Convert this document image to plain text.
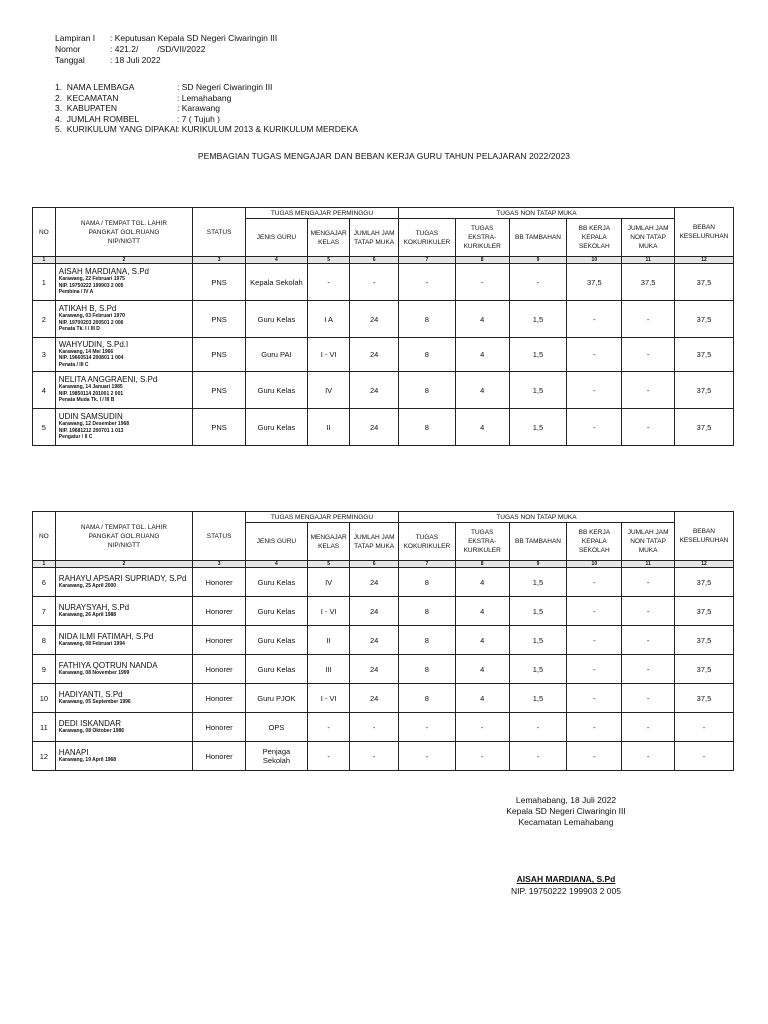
Lampiran I	: Keputusan Kepala SD Negeri Ciwaringin III
Nomor	: 421.2/        /SD/VII/2022
Tanggal	: 18 Juli 2022
1.  NAMA LEMBAGA	: SD Negeri Ciwaringin III
2.  KECAMATAN	: Lemahabang
3.  KABUPATEN	: Karawang
4.  JUMLAH ROMBEL	: 7 ( Tujuh )
5.  KURIKULUM YANG DIPAKAI : KURIKULUM 2013 & KURIKULUM MERDEKA
PEMBAGIAN TUGAS MENGAJAR DAN BEBAN KERJA GURU TAHUN PELAJARAN 2022/2023
NO	NAMA / TEMPAT TGL. LAHIR PANGKAT GOL.RUANG NIP/NIGTT	STATUS	TUGAS MENGAJAR PERMINGGU			TUGAS NON TATAP MUKA					BEBAN KESELURUHAN
			JENIS GURU	MENGAJAR KELAS	JUMLAH JAM TATAP MUKA	TUGAS KOKURIKULER	TUGAS EKSTRA-KURIKULER	BB TAMBAHAN	BB KERJA KEPALA SEKOLAH	JUMLAH JAM NON TATAP MUKA	
1	2	3	4	5	6	7	8	9	10	11	12
1	AISAH MARDIANA, S.Pd
Karawang, 22 Februari 1975
NIP. 19750222 199903 2 005
Pembina / IV A	PNS	Kepala Sekolah	-	-	-	-	-	37,5	37,5	37,5
2	ATIKAH B, S.Pd
Karawang, 03 Februari 1970
NIP. 19700203 200501 2 006
Penata Tk. I / III D	PNS	Guru Kelas	I A	24	8	4	1,5	-	-	37,5
3	WAHYUDIN, S.Pd.I
Karawang, 14 Mei 1966
NIP. 19660514 200801 1 004
Penata / III C	PNS	Guru PAI	I - VI	24	8	4	1,5	-	-	37,5
4	NELITA ANGGRAENI, S.Pd
Karawang, 14 Januari 1985
NIP. 19850114 201001 2 001
Penata Muda Tk. I / III B	PNS	Guru Kelas	IV	24	8	4	1,5	-	-	37,5
5	UDIN SAMSUDIN
Karawang, 12 Desember 1968
NIP. 19681212 200701 1 013
Pengatur / II C	PNS	Guru Kelas	II	24	8	4	1,5	-	-	37,5
NO	NAMA / TEMPAT TGL. LAHIR PANGKAT GOL.RUANG NIP/NIGTT	STATUS	TUGAS MENGAJAR PERMINGGU			TUGAS NON TATAP MUKA					BEBAN KESELURUHAN
			JENIS GURU	MENGAJAR KELAS	JUMLAH JAM TATAP MUKA	TUGAS KOKURIKULER	TUGAS EKSTRA-KURIKULER	BB TAMBAHAN	BB KERJA KEPALA SEKOLAH	JUMLAH JAM NON TATAP MUKA	
1	2	3	4	5	6	7	8	9	10	11	12
6	RAHAYU APSARI SUPRIADY, S.Pd
Karawang, 25 April 2000	Honorer	Guru Kelas	IV	24	8	4	1,5	-	-	37,5
7	NURAYSYAH, S.Pd
Karawang, 26 April 1988	Honorer	Guru Kelas	I - VI	24	8	4	1,5	-	-	37,5
8	NIDA ILMI FATIMAH, S.Pd
Karawang, 08 Februari 1994	Honorer	Guru Kelas	II	24	8	4	1,5	-	-	37,5
9	FATHIYA QOTRUN NANDA
Karawang, 08 November 1999	Honorer	Guru Kelas	III	24	8	4	1,5	-	-	37,5
10	HADIYANTI, S.Pd
Karawang, 05 September 1996	Honorer	Guru PJOK	I - VI	24	8	4	1,5	-	-	37,5
11	DEDI ISKANDAR
Karawang, 08 Oktober 1986	Honorer	OPS	-	-	-	-	-	-	-	-
12	HANAPI
Karawang, 19 April 1968	Honorer	Penjaga Sekolah	-	-	-	-	-	-	-	-
Lemahabang, 18 Juli 2022
Kepala SD Negeri Ciwaringin III
Kecamatan Lemahabang
AISAH MARDIANA, S.Pd
NIP. 19750222 199903 2 005
